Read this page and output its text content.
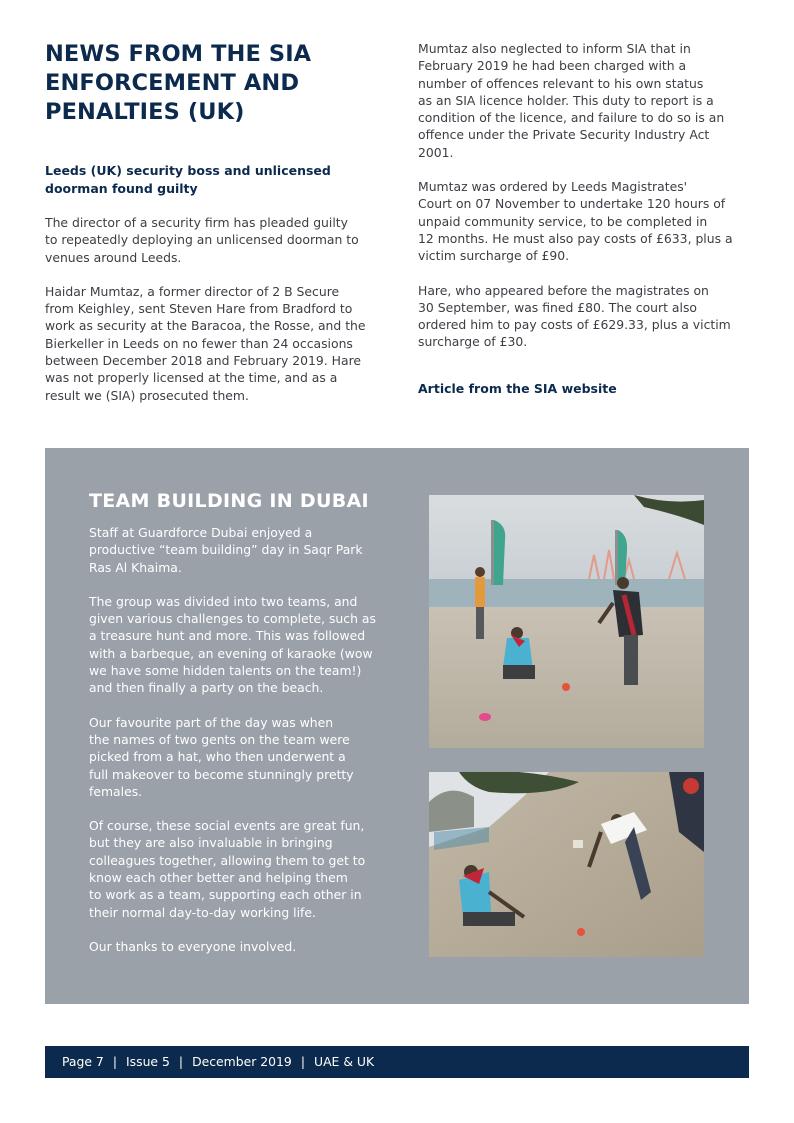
NEWS FROM THE SIA
ENFORCEMENT AND
PENALTIES (UK)
Leeds (UK) security boss and unlicensed
doorman found guilty

The director of a security firm has pleaded guilty
to repeatedly deploying an unlicensed doorman to
venues around Leeds.

Haidar Mumtaz, a former director of 2 B Secure
from Keighley, sent Steven Hare from Bradford to
work as security at the Baracoa, the Rosse, and the
Bierkeller in Leeds on no fewer than 24 occasions
between December 2018 and February 2019. Hare
was not properly licensed at the time, and as a
result we (SIA) prosecuted them.

Mumtaz also neglected to inform SIA that in
February 2019 he had been charged with a
number of offences relevant to his own status
as an SIA licence holder. This duty to report is a
condition of the licence, and failure to do so is an
offence under the Private Security Industry Act
2001.

Mumtaz was ordered by Leeds Magistrates'
Court on 07 November to undertake 120 hours of
unpaid community service, to be completed in
12 months. He must also pay costs of £633, plus a
victim surcharge of £90.

Hare, who appeared before the magistrates on
30 September, was fined £80. The court also
ordered him to pay costs of £629.33, plus a victim
surcharge of £30.

Article from the SIA website
TEAM BUILDING IN DUBAI

Staff at Guardforce Dubai enjoyed a
productive “team building” day in Saqr Park
Ras Al Khaima.

The group was divided into two teams, and
given various challenges to complete, such as
a treasure hunt and more. This was followed
with a barbeque, an evening of karaoke (wow
we have some hidden talents on the team!)
and then finally a party on the beach.

Our favourite part of the day was when
the names of two gents on the team were
picked from a hat, who then underwent a
full makeover to become stunningly pretty
females.

Of course, these social events are great fun,
but they are also invaluable in bringing
colleagues together, allowing them to get to
know each other better and helping them
to work as a team, supporting each other in
their normal day-to-day working life.

Our thanks to everyone involved.

Page 7 | Issue 5 | December 2019 | UAE & UK
